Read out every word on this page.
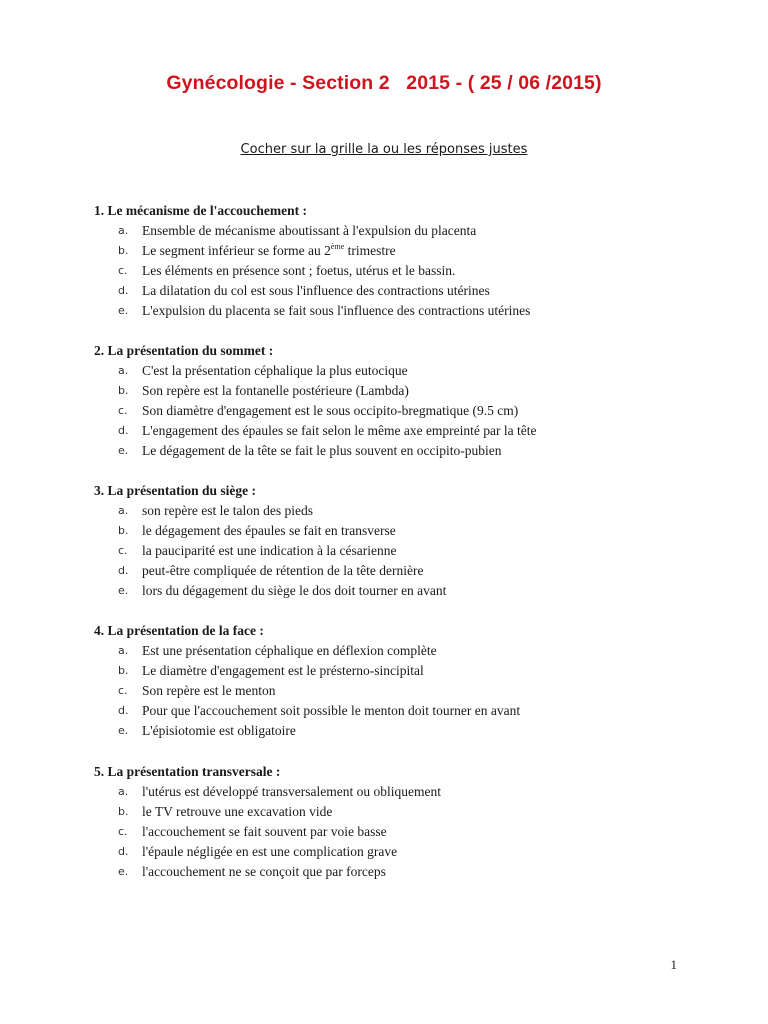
Gynécologie - Section 2   2015 - ( 25 / 06 /2015)
Cocher sur la grille la ou les réponses justes
1. Le mécanisme de l'accouchement :
a.	Ensemble de mécanisme aboutissant à l'expulsion du placenta
b.	Le segment inférieur se forme au 2ème trimestre
c.	Les éléments en présence sont ; foetus, utérus et le bassin.
d.	La dilatation du col est sous l'influence des contractions utérines
e.	L'expulsion du placenta se fait sous l'influence des contractions utérines
2. La présentation du sommet :
a.	C'est la présentation céphalique la plus eutocique
b.	Son repère est la fontanelle postérieure (Lambda)
c.	Son diamètre d'engagement est le sous occipito-bregmatique (9.5 cm)
d.	L'engagement des épaules se fait selon le même axe empreinté par la tête
e.	Le dégagement de la tête se fait le plus souvent en occipito-pubien
3. La présentation du siège :
a.	son repère est le talon des pieds
b.	le dégagement des épaules se fait en transverse
c.	la pauciparité est une indication à la césarienne
d.	peut-être compliquée de rétention de la tête dernière
e.	lors du dégagement du siège le dos doit tourner en avant
4. La présentation de la face :
a.	Est une présentation céphalique en déflexion complète
b.	Le diamètre d'engagement est le présterno-sincipital
c.	Son repère est le menton
d.	Pour que l'accouchement soit possible le menton doit tourner en avant
e.	L'épisiotomie est obligatoire
5. La présentation transversale :
a.	l'utérus est développé transversalement ou obliquement
b.	le TV retrouve une excavation vide
c.	l'accouchement se fait souvent par voie basse
d.	l'épaule négligée en est une complication grave
e.	l'accouchement ne se conçoit que par forceps
1
